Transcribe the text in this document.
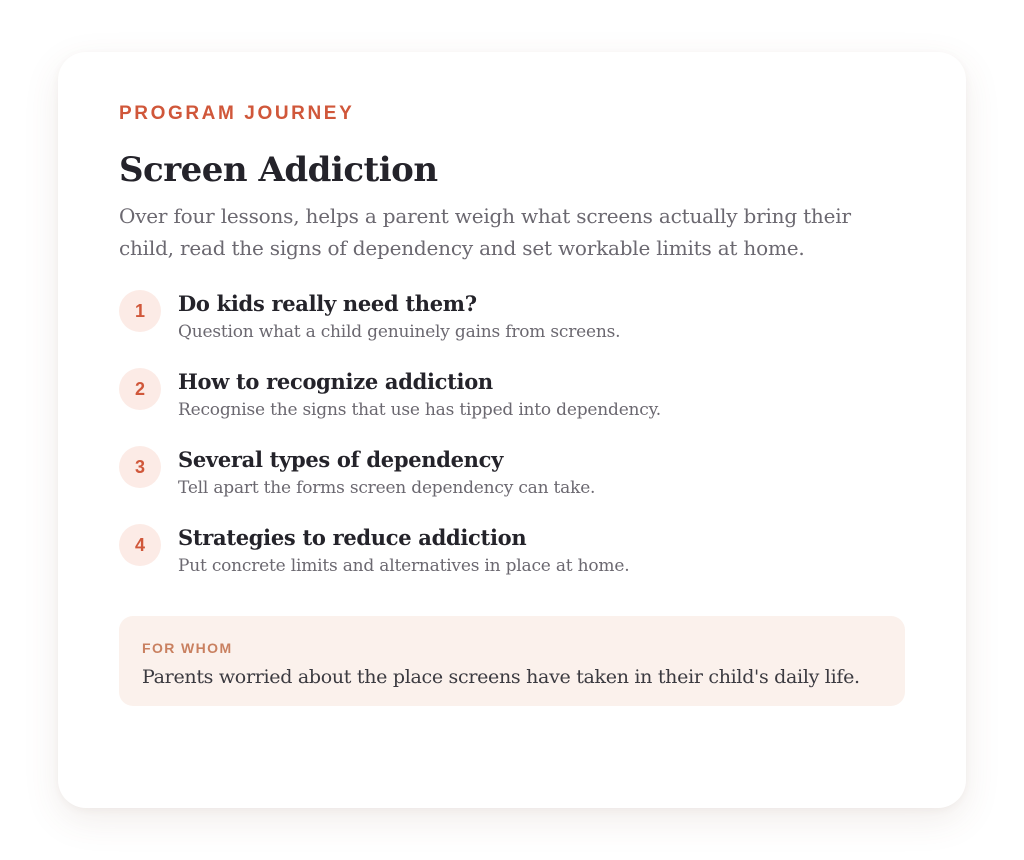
PROGRAM JOURNEY

Screen Addiction

Over four lessons, helps a parent weigh what screens actually bring their child, read the signs of dependency and set workable limits at home.

1	Do kids really need them?

Question what a child genuinely gains from screens.

2	How to recognize addiction

Recognise the signs that use has tipped into dependency.

3	Several types of dependency

Tell apart the forms screen dependency can take.

4	Strategies to reduce addiction

Put concrete limits and alternatives in place at home.

FOR WHOM

Parents worried about the place screens have taken in their child's daily life.
